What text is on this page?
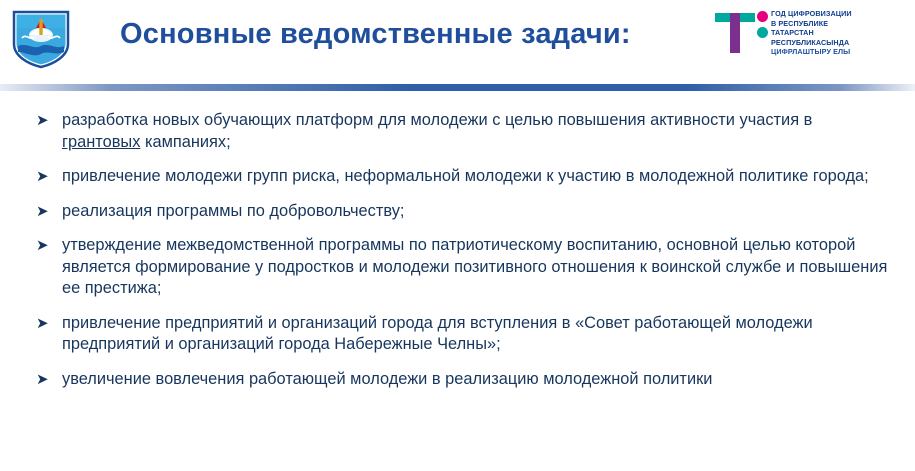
Основные ведомственные задачи:
ГОД ЦИФРОВИЗАЦИИ
В РЕСПУБЛИКЕ
ТАТАРСТАН
РЕСПУБЛИКАСЫНДА
ЦИФРЛАШТЫРУ ЕЛЫ
➤ разработка новых обучающих платформ для молодежи с целью повышения активности участия в грантовых кампаниях;
➤ привлечение молодежи групп риска, неформальной молодежи к участию в молодежной политике города;
➤ реализация программы по добровольчеству;
➤ утверждение межведомственной программы по патриотическому воспитанию, основной целью которой является формирование у подростков и молодежи позитивного отношения к воинской службе и повышения ее престижа;
➤ привлечение предприятий и организаций города для вступления в «Совет работающей молодежи предприятий и организаций города Набережные Челны»;
➤ увеличение вовлечения работающей молодежи в реализацию молодежной политики
